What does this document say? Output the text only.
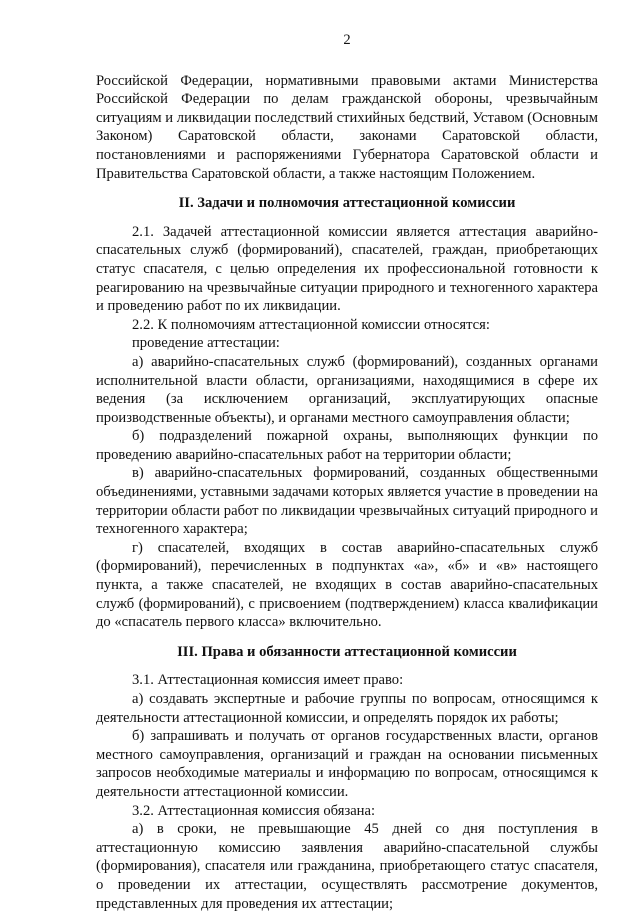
2

Российской Федерации, нормативными правовыми актами Министерства Российской Федерации по делам гражданской обороны, чрезвычайным ситуациям и ликвидации последствий стихийных бедствий, Уставом (Основным Законом) Саратовской области, законами Саратовской области, постановлениями и распоряжениями Губернатора Саратовской области и Правительства Саратовской области, а также настоящим Положением.

II. Задачи и полномочия аттестационной комиссии

2.1. Задачей аттестационной комиссии является аттестация аварийно-спасательных служб (формирований), спасателей, граждан, приобретающих статус спасателя, с целью определения их профессиональной готовности к реагированию на чрезвычайные ситуации природного и техногенного характера и проведению работ по их ликвидации.

2.2. К полномочиям аттестационной комиссии относятся:

проведение аттестации:

а) аварийно-спасательных служб (формирований), созданных органами исполнительной власти области, организациями, находящимися в сфере их ведения (за исключением организаций, эксплуатирующих опасные производственные объекты), и органами местного самоуправления области;

б) подразделений пожарной охраны, выполняющих функции по проведению аварийно-спасательных работ на территории области;

в) аварийно-спасательных формирований, созданных общественными объединениями, уставными задачами которых является участие в проведении на территории области работ по ликвидации чрезвычайных ситуаций природного и техногенного характера;

г) спасателей, входящих в состав аварийно-спасательных служб (формирований), перечисленных в подпунктах «а», «б» и «в» настоящего пункта, а также спасателей, не входящих в состав аварийно-спасательных служб (формирований), с присвоением (подтверждением) класса квалификации до «спасатель первого класса» включительно.

III. Права и обязанности аттестационной комиссии

3.1. Аттестационная комиссия имеет право:

а) создавать экспертные и рабочие группы по вопросам, относящимся к деятельности аттестационной комиссии, и определять порядок их работы;

б) запрашивать и получать от органов государственных власти, органов местного самоуправления, организаций и граждан на основании письменных запросов необходимые материалы и информацию по вопросам, относящимся к деятельности аттестационной комиссии.

3.2. Аттестационная комиссия обязана:

а) в сроки, не превышающие 45 дней со дня поступления в аттестационную комиссию заявления аварийно-спасательной службы (формирования), спасателя или гражданина, приобретающего статус спасателя, о проведении их аттестации, осуществлять рассмотрение документов, представленных для проведения их аттестации;
